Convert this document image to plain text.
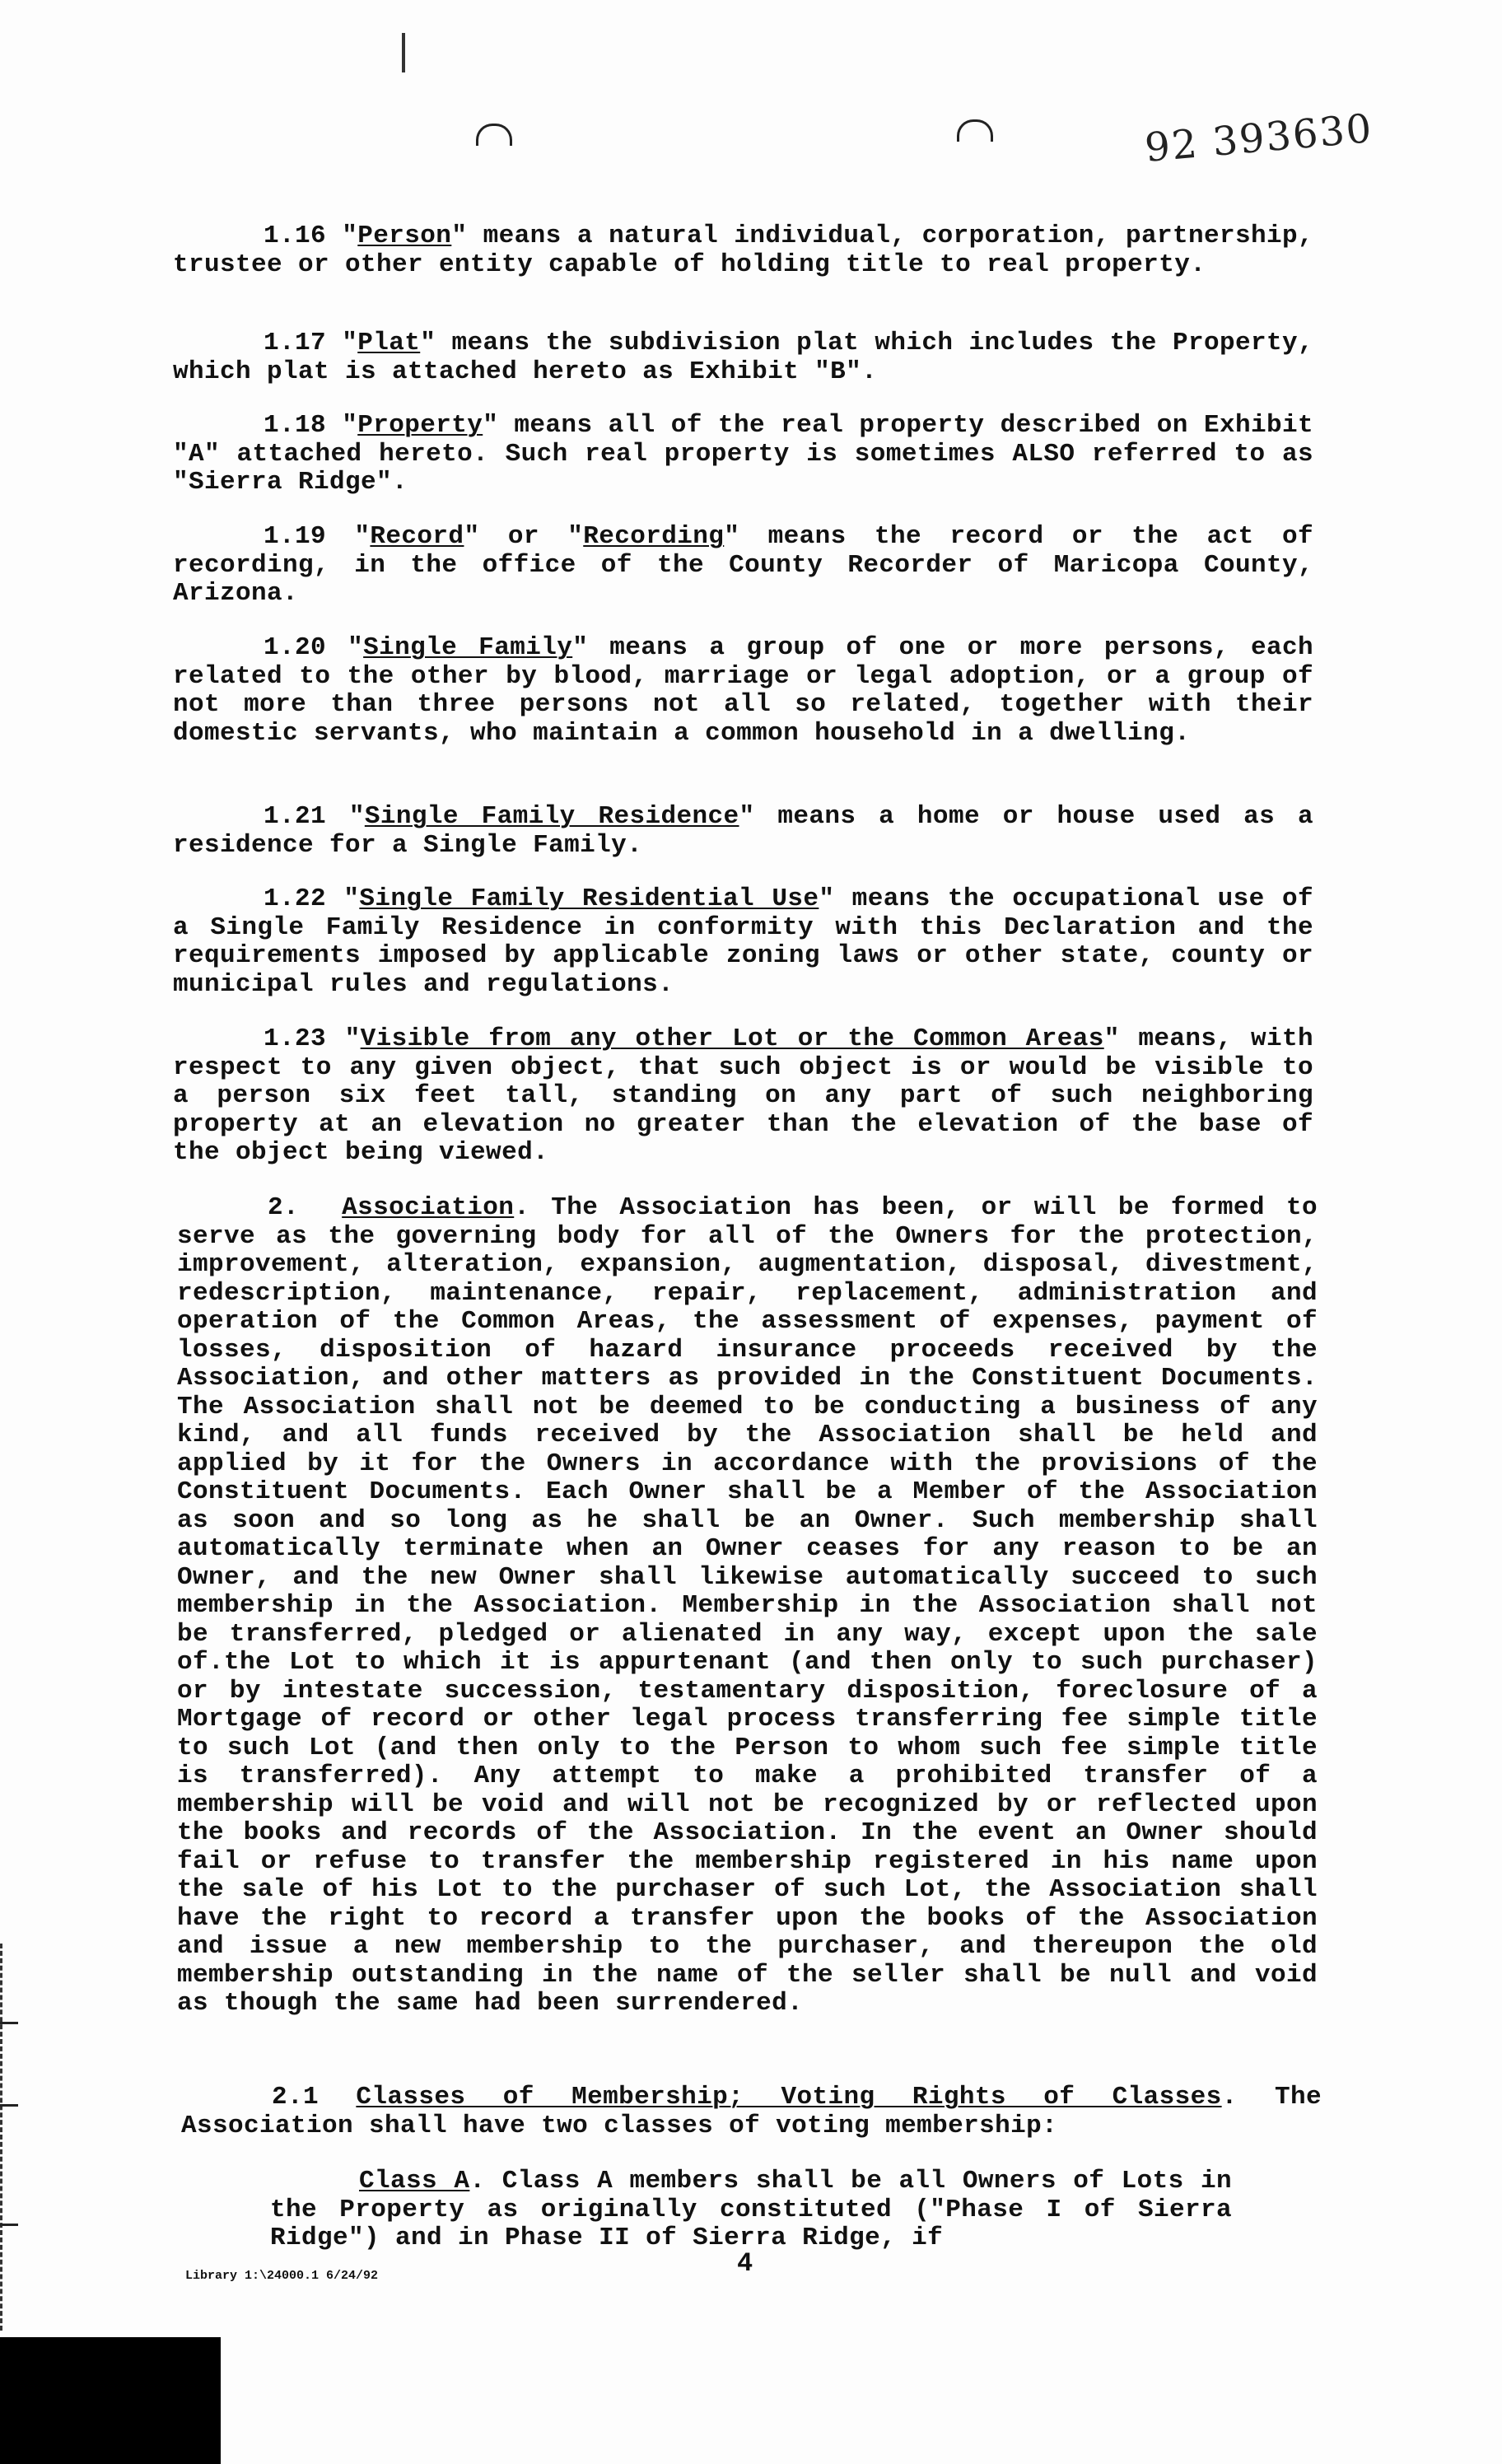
92 393630
1.16 "Person" means a natural individual, corporation, partnership, trustee or other entity capable of holding title to real property.
1.17 "Plat" means the subdivision plat which includes the Property, which plat is attached hereto as Exhibit "B".
1.18 "Property" means all of the real property described on Exhibit "A" attached hereto. Such real property is sometimes ALSO referred to as "Sierra Ridge".
1.19 "Record" or "Recording" means the record or the act of recording, in the office of the County Recorder of Maricopa County, Arizona.
1.20 "Single Family" means a group of one or more persons, each related to the other by blood, marriage or legal adoption, or a group of not more than three persons not all so related, together with their domestic servants, who maintain a common household in a dwelling.
1.21 "Single Family Residence" means a home or house used as a residence for a Single Family.
1.22 "Single Family Residential Use" means the occupational use of a Single Family Residence in conformity with this Declaration and the requirements imposed by applicable zoning laws or other state, county or municipal rules and regulations.
1.23 "Visible from any other Lot or the Common Areas" means, with respect to any given object, that such object is or would be visible to a person six feet tall, standing on any part of such neighboring property at an elevation no greater than the elevation of the base of the object being viewed.
2. Association. The Association has been, or will be formed to serve as the governing body for all of the Owners for the protection, improvement, alteration, expansion, augmentation, disposal, divestment, redescription, maintenance, repair, replacement, administration and operation of the Common Areas, the assessment of expenses, payment of losses, disposition of hazard insurance proceeds received by the Association, and other matters as provided in the Constituent Documents. The Association shall not be deemed to be conducting a business of any kind, and all funds received by the Association shall be held and applied by it for the Owners in accordance with the provisions of the Constituent Documents. Each Owner shall be a Member of the Association as soon and so long as he shall be an Owner. Such membership shall automatically terminate when an Owner ceases for any reason to be an Owner, and the new Owner shall likewise automatically succeed to such membership in the Association. Membership in the Association shall not be transferred, pledged or alienated in any way, except upon the sale of.the Lot to which it is appurtenant (and then only to such purchaser) or by intestate succession, testamentary disposition, foreclosure of a Mortgage of record or other legal process transferring fee simple title to such Lot (and then only to the Person to whom such fee simple title is transferred). Any attempt to make a prohibited transfer of a membership will be void and will not be recognized by or reflected upon the books and records of the Association. In the event an Owner should fail or refuse to transfer the membership registered in his name upon the sale of his Lot to the purchaser of such Lot, the Association shall have the right to record a transfer upon the books of the Association and issue a new membership to the purchaser, and thereupon the old membership outstanding in the name of the seller shall be null and void as though the same had been surrendered.
2.1 Classes of Membership; Voting Rights of Classes. The Association shall have two classes of voting membership:
Class A. Class A members shall be all Owners of Lots in the Property as originally constituted ("Phase I of Sierra Ridge") and in Phase II of Sierra Ridge, if
4
Library 1:\24000.1 6/24/92
